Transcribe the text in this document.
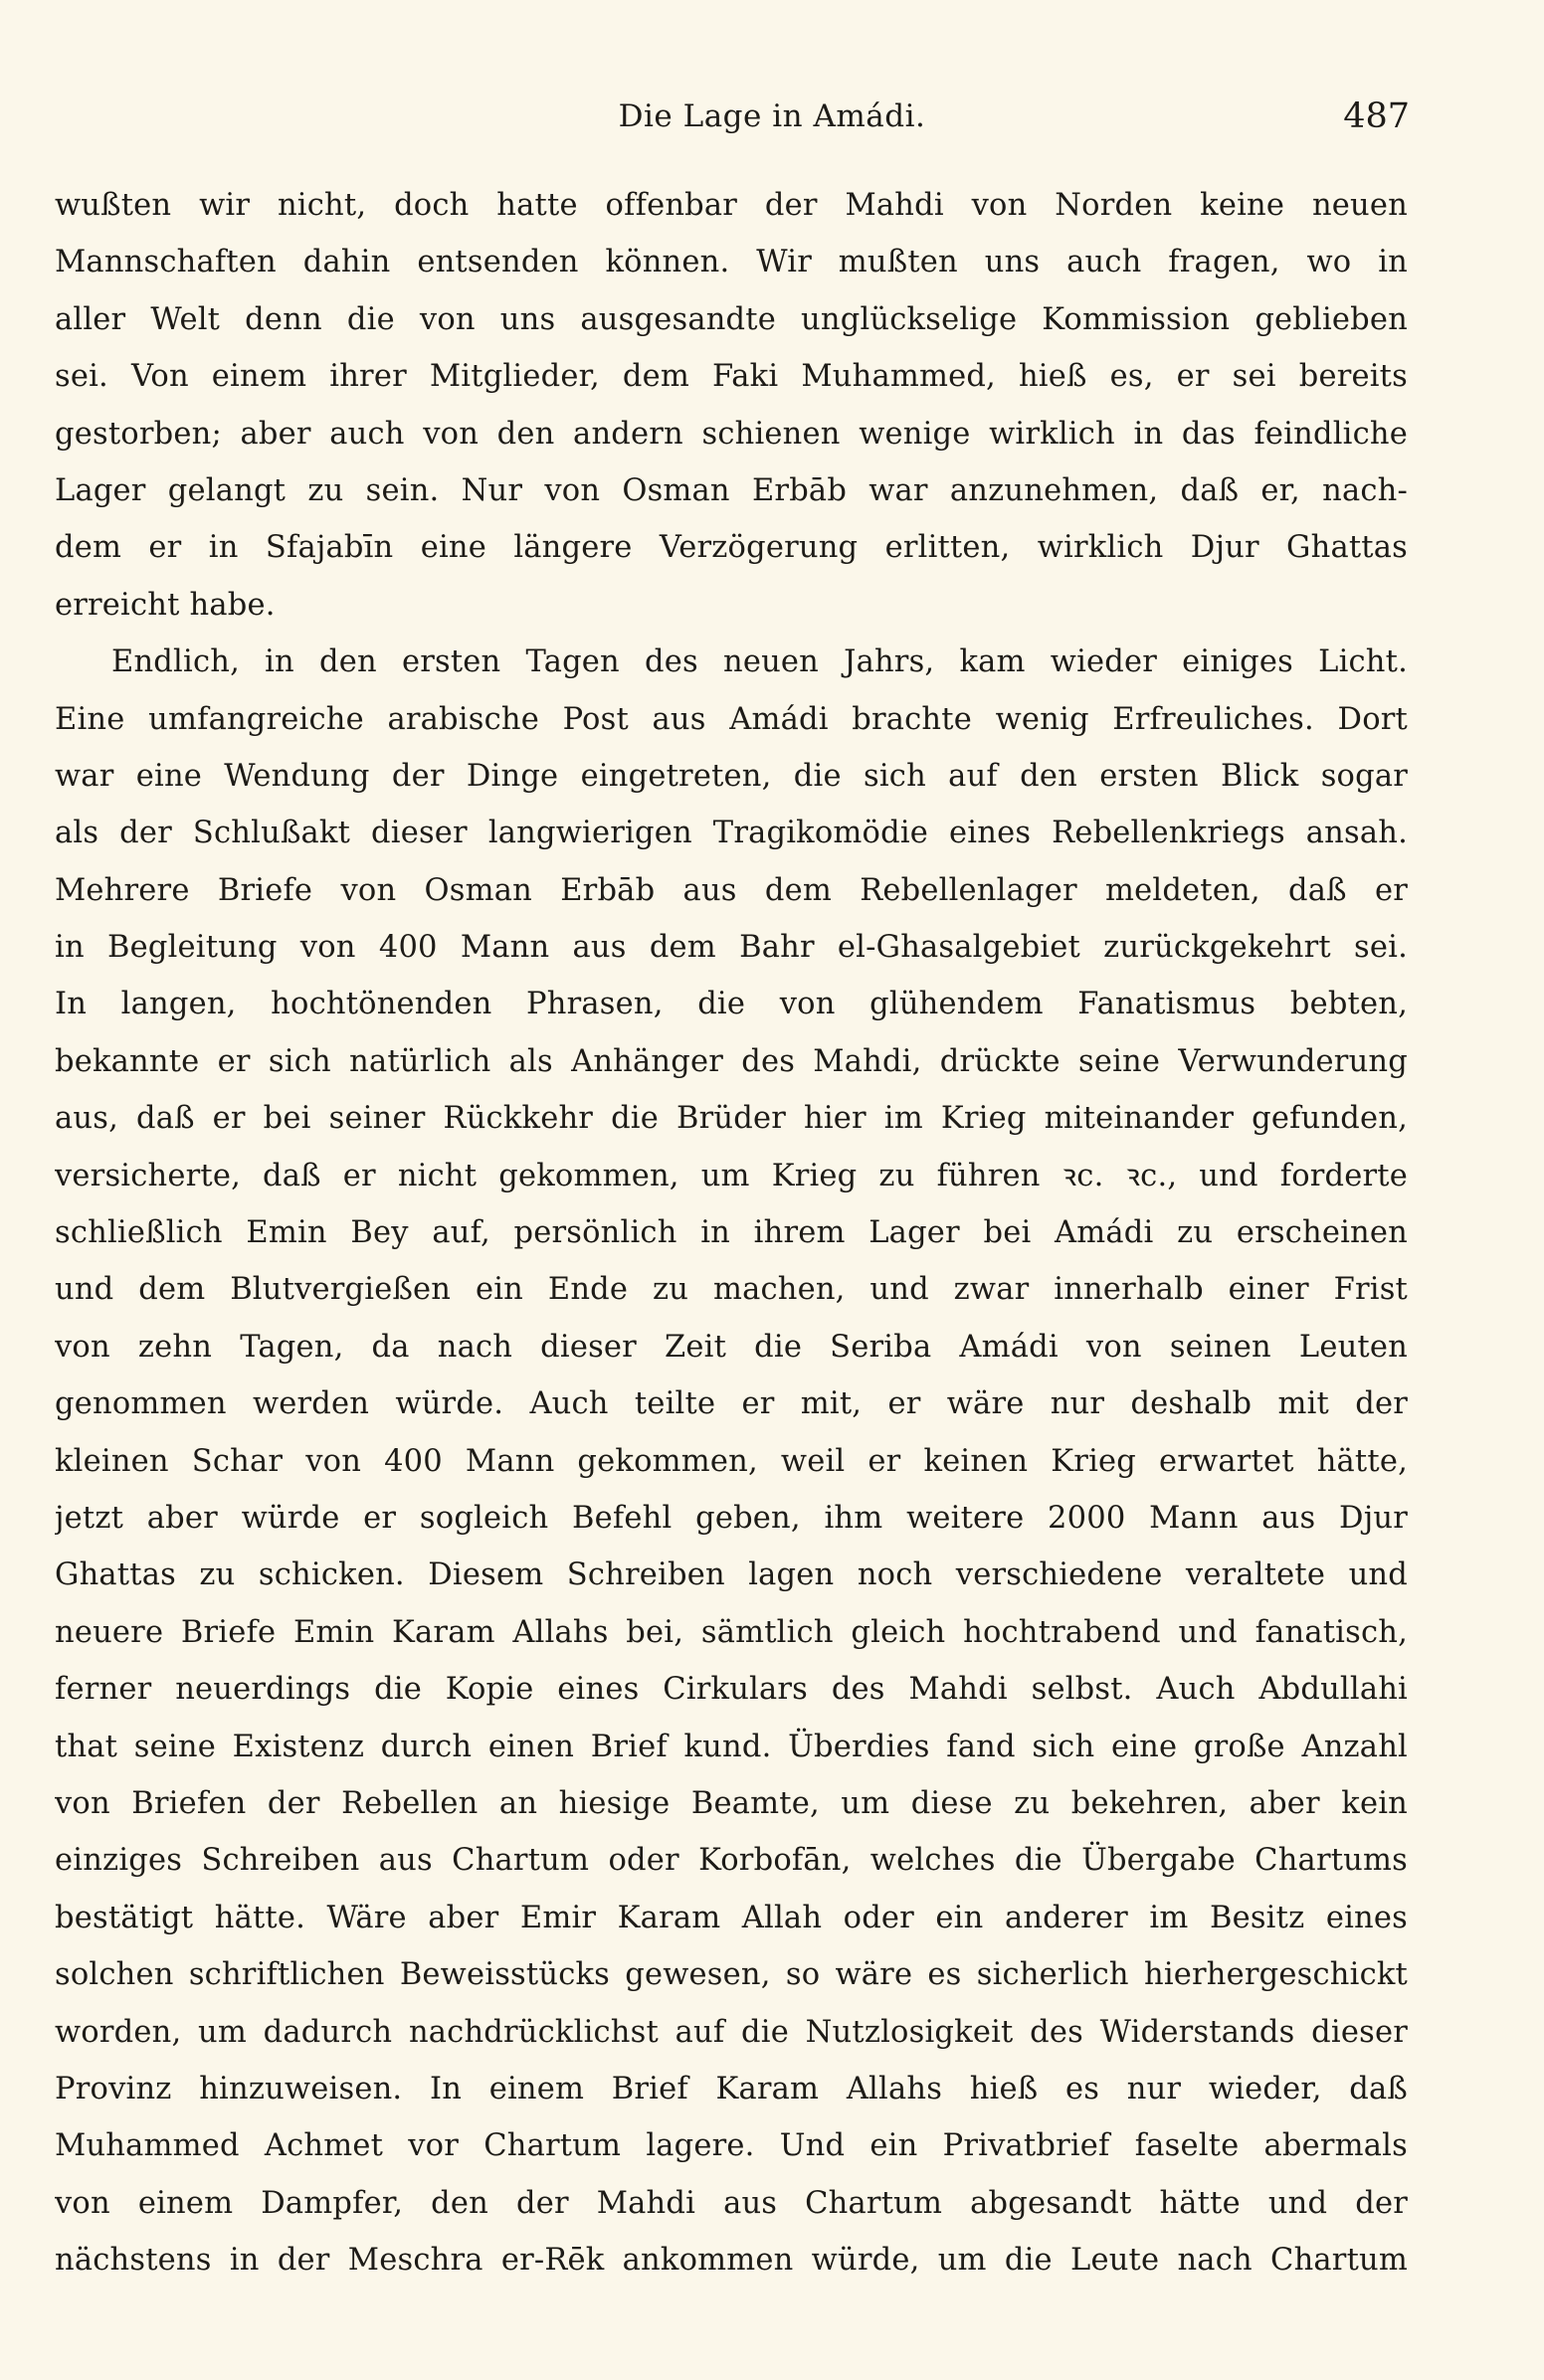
Die Lage in Amádi.	487
wußten wir nicht, doch hatte offenbar der Mahdi von Norden keine neuen
Mannschaften dahin entsenden können. Wir mußten uns auch fragen, wo in
aller Welt denn die von uns ausgesandte unglückselige Kommission geblieben
sei. Von einem ihrer Mitglieder, dem Faki Muhammed, hieß es, er sei bereits
gestorben; aber auch von den andern schienen wenige wirklich in das feindliche
Lager gelangt zu sein. Nur von Osman Erbāb war anzunehmen, daß er, nach-
dem er in Sfajabīn eine längere Verzögerung erlitten, wirklich Djur Ghattas
erreicht habe.
Endlich, in den ersten Tagen des neuen Jahrs, kam wieder einiges Licht.
Eine umfangreiche arabische Post aus Amádi brachte wenig Erfreuliches. Dort
war eine Wendung der Dinge eingetreten, die sich auf den ersten Blick sogar
als der Schlußakt dieser langwierigen Tragikomödie eines Rebellenkriegs ansah.
Mehrere Briefe von Osman Erbāb aus dem Rebellenlager meldeten, daß er
in Begleitung von 400 Mann aus dem Bahr el-Ghasalgebiet zurückgekehrt sei.
In langen, hochtönenden Phrasen, die von glühendem Fanatismus bebten,
bekannte er sich natürlich als Anhänger des Mahdi, drückte seine Verwunderung
aus, daß er bei seiner Rückkehr die Brüder hier im Krieg miteinander gefunden,
versicherte, daß er nicht gekommen, um Krieg zu führen ꝛc. ꝛc., und forderte
schließlich Emin Bey auf, persönlich in ihrem Lager bei Amádi zu erscheinen
und dem Blutvergießen ein Ende zu machen, und zwar innerhalb einer Frist
von zehn Tagen, da nach dieser Zeit die Seriba Amádi von seinen Leuten
genommen werden würde. Auch teilte er mit, er wäre nur deshalb mit der
kleinen Schar von 400 Mann gekommen, weil er keinen Krieg erwartet hätte,
jetzt aber würde er sogleich Befehl geben, ihm weitere 2000 Mann aus Djur
Ghattas zu schicken. Diesem Schreiben lagen noch verschiedene veraltete und
neuere Briefe Emin Karam Allahs bei, sämtlich gleich hochtrabend und fanatisch,
ferner neuerdings die Kopie eines Cirkulars des Mahdi selbst. Auch Abdullahi
that seine Existenz durch einen Brief kund. Überdies fand sich eine große Anzahl
von Briefen der Rebellen an hiesige Beamte, um diese zu bekehren, aber kein
einziges Schreiben aus Chartum oder Korbofān, welches die Übergabe Chartums
bestätigt hätte. Wäre aber Emir Karam Allah oder ein anderer im Besitz eines
solchen schriftlichen Beweisstücks gewesen, so wäre es sicherlich hierhergeschickt
worden, um dadurch nachdrücklichst auf die Nutzlosigkeit des Widerstands dieser
Provinz hinzuweisen. In einem Brief Karam Allahs hieß es nur wieder, daß
Muhammed Achmet vor Chartum lagere. Und ein Privatbrief faselte abermals
von einem Dampfer, den der Mahdi aus Chartum abgesandt hätte und der
nächstens in der Meschra er-Rēk ankommen würde, um die Leute nach Chartum
